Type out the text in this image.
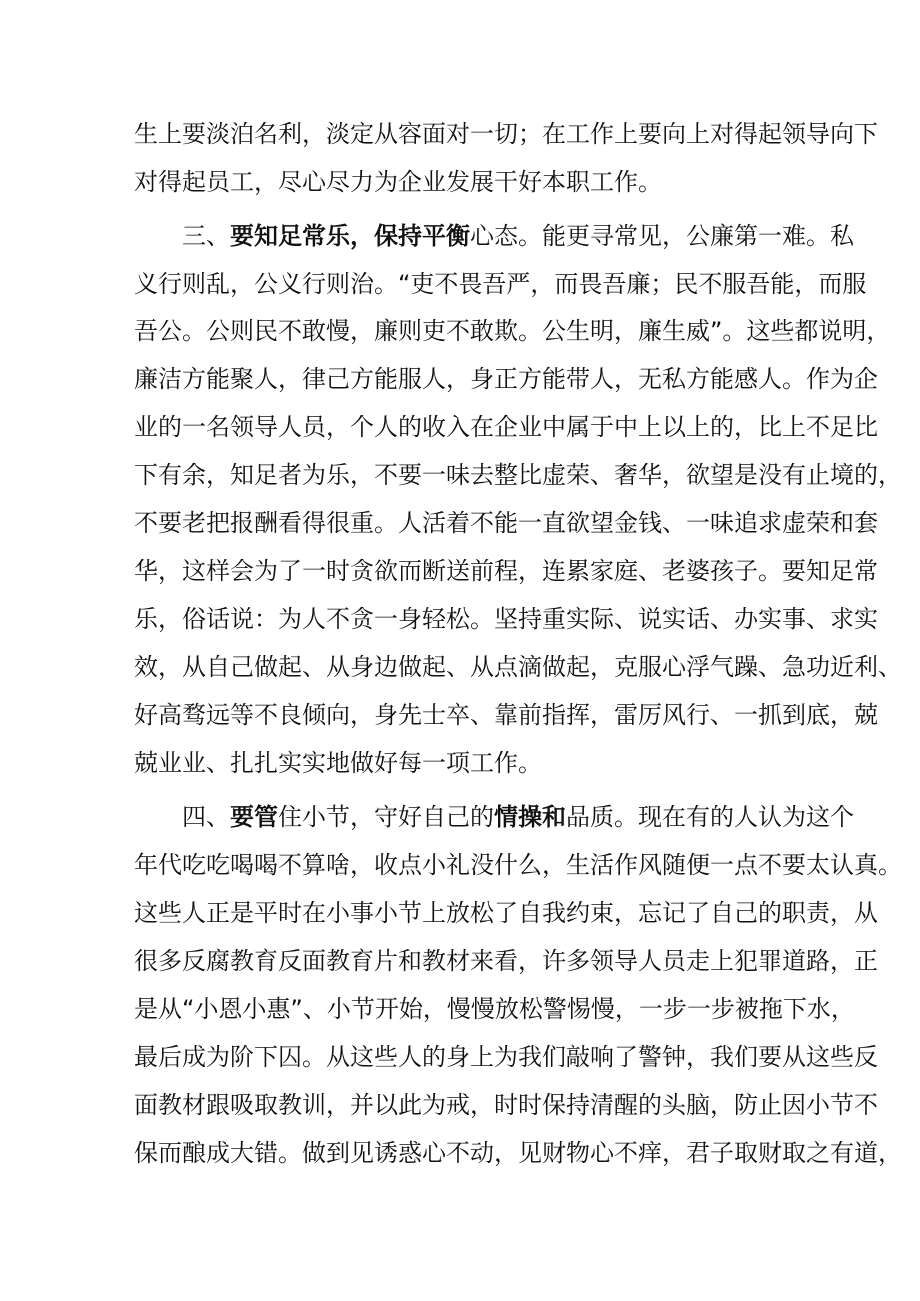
生上要淡泊名利，淡定从容面对一切；在工作上要向上对得起领导向下
对得起员工，尽心尽力为企业发展干好本职工作。
三、要知足常乐，保持平衡心态。能更寻常见，公廉第一难。私
义行则乱，公义行则治。“吏不畏吾严，而畏吾廉；民不服吾能，而服
吾公。公则民不敢慢，廉则吏不敢欺。公生明，廉生威”。这些都说明，
廉洁方能聚人，律己方能服人，身正方能带人，无私方能感人。作为企
业的一名领导人员，个人的收入在企业中属于中上以上的，比上不足比
下有余，知足者为乐，不要一味去整比虚荣、奢华，欲望是没有止境的，
不要老把报酬看得很重。人活着不能一直欲望金钱、一味追求虚荣和套
华，这样会为了一时贪欲而断送前程，连累家庭、老婆孩子。要知足常
乐，俗话说：为人不贪一身轻松。坚持重实际、说实话、办实事、求实
效，从自己做起、从身边做起、从点滴做起，克服心浮气躁、急功近利、
好高骛远等不良倾向，身先士卒、靠前指挥，雷厉风行、一抓到底，兢
兢业业、扎扎实实地做好每一项工作。
四、要管住小节，守好自己的情操和品质。现在有的人认为这个
年代吃吃喝喝不算啥，收点小礼没什么，生活作风随便一点不要太认真。
这些人正是平时在小事小节上放松了自我约束，忘记了自己的职责，从
很多反腐教育反面教育片和教材来看，许多领导人员走上犯罪道路，正
是从“小恩小惠”、小节开始，慢慢放松警惕慢，一步一步被拖下水，
最后成为阶下囚。从这些人的身上为我们敲响了警钟，我们要从这些反
面教材跟吸取教训，并以此为戒，时时保持清醒的头脑，防止因小节不
保而酿成大错。做到见诱惑心不动，见财物心不痒，君子取财取之有道，
